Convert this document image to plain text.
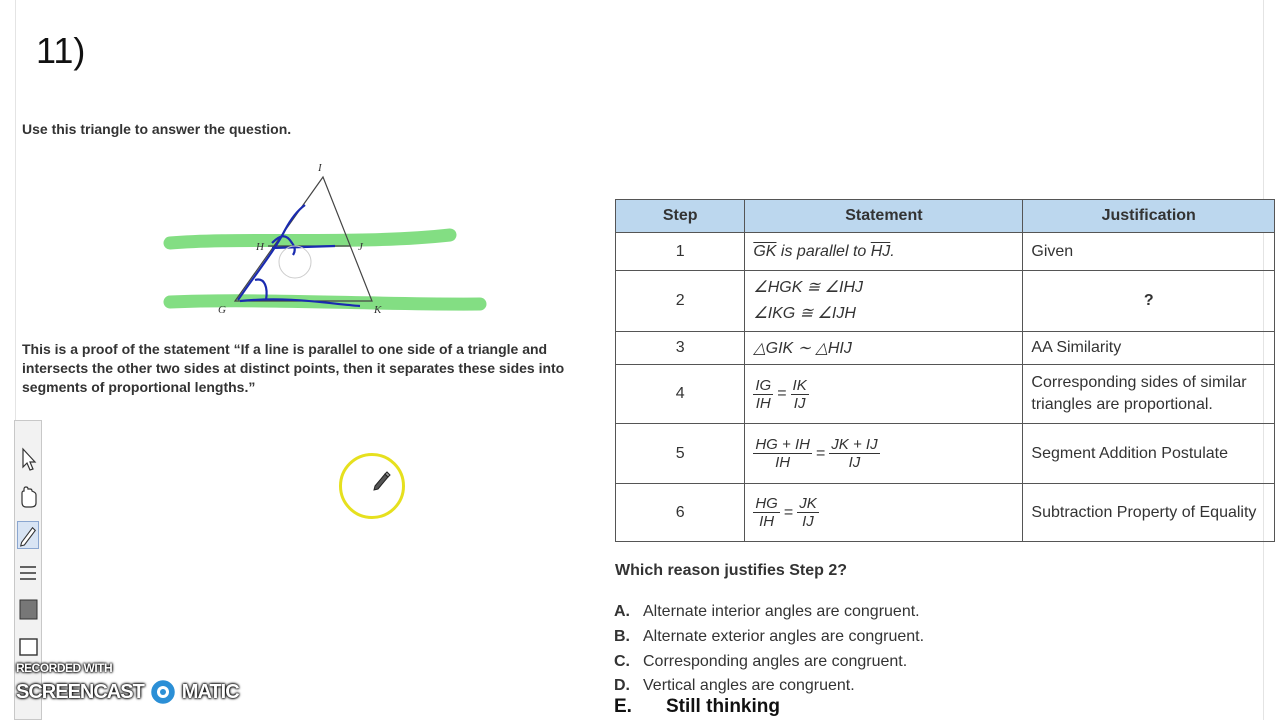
11)
Use this triangle to answer the question.
I
H	J
G	K
This is a proof of the statement “If a line is parallel to one side of a triangle and intersects the other two sides at distinct points, then it separates these sides into segments of proportional lengths.”
Step	Statement	Justification
1	$\overline{GK}$ is parallel to $\overline{HJ}$.	Given
2	∠HGK ≅ ∠IHJ
∠IKG ≅ ∠IJH	?
3	△GIK ∼ △HIJ	AA Similarity
4	$\frac{IG}{IH} = \frac{IK}{IJ}$	Corresponding sides of similar triangles are proportional.
5	$\frac{HG + IH}{IH} = \frac{JK + IJ}{IJ}$	Segment Addition Postulate
6	$\frac{HG}{IH} = \frac{JK}{IJ}$	Subtraction Property of Equality
Which reason justifies Step 2?
A. Alternate interior angles are congruent.
B. Alternate exterior angles are congruent.
C. Corresponding angles are congruent.
D. Vertical angles are congruent.
E. Still thinking
RECORDED WITH
SCREENCAST MATIC
